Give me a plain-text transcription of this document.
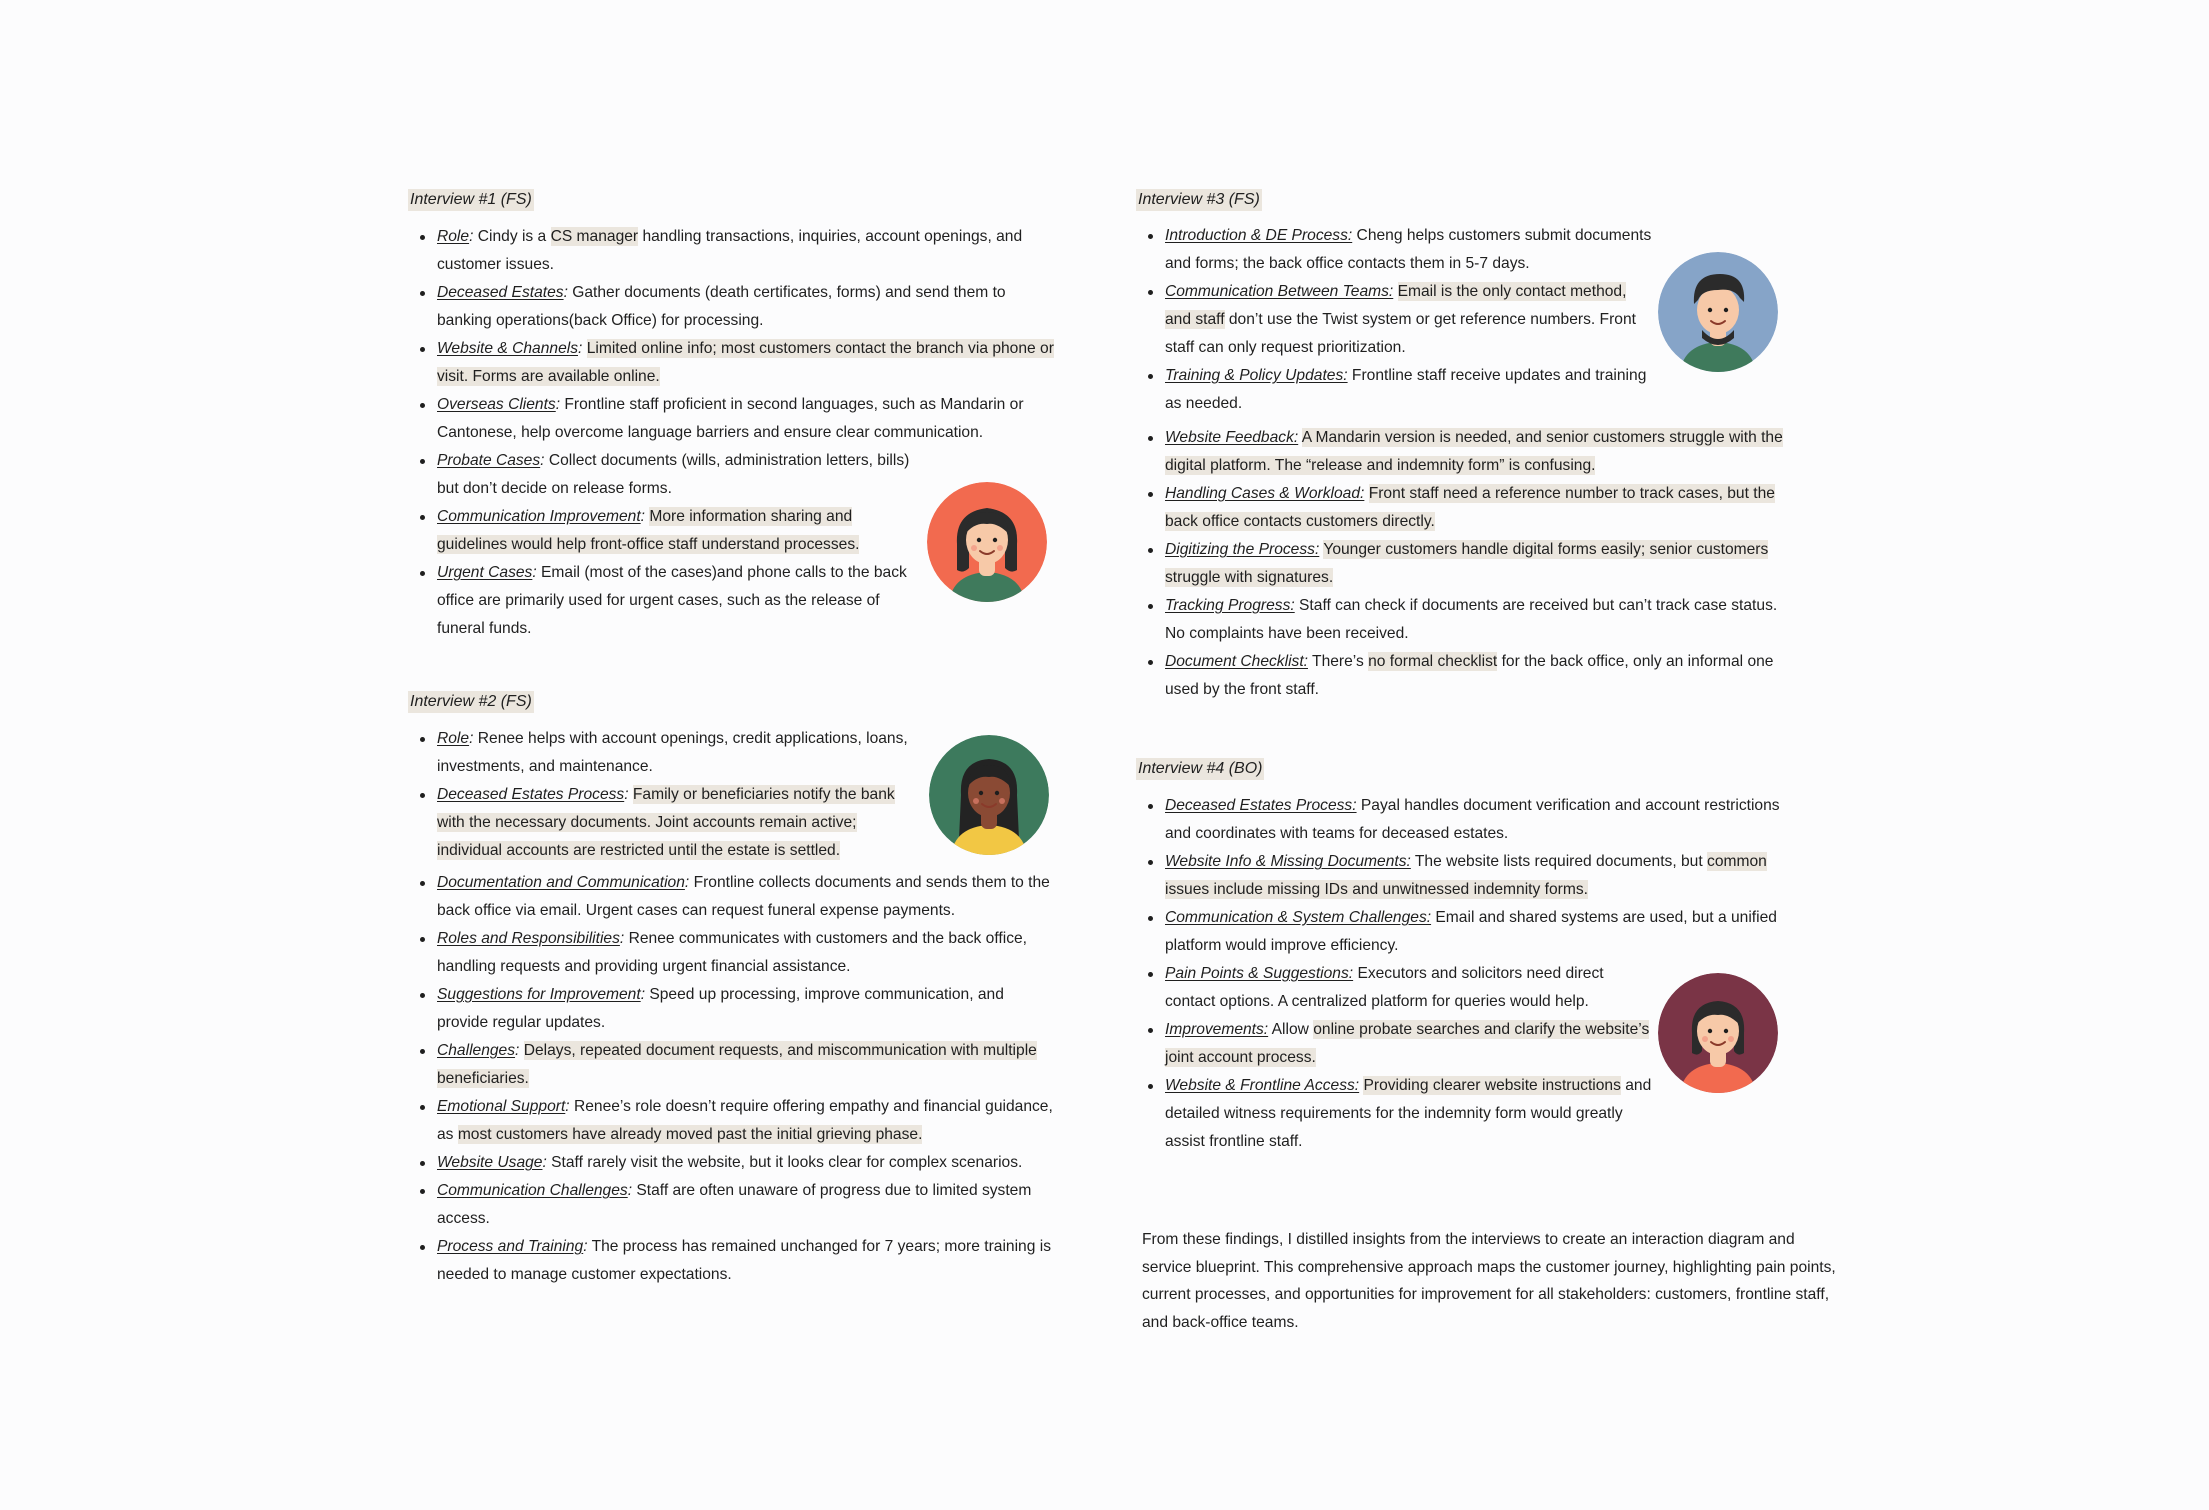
Interview #1 (FS)
Role: Cindy is a CS manager handling transactions, inquiries, account openings, and customer issues.
Deceased Estates: Gather documents (death certificates, forms) and send them to banking operations(back Office) for processing.
Website & Channels: Limited online info; most customers contact the branch via phone or visit. Forms are available online.
Overseas Clients: Frontline staff proficient in second languages, such as Mandarin or Cantonese, help overcome language barriers and ensure clear communication.
Probate Cases: Collect documents (wills, administration letters, bills) but don’t decide on release forms.
Communication Improvement: More information sharing and guidelines would help front-office staff understand processes.
Urgent Cases: Email (most of the cases)and phone calls to the back office are primarily used for urgent cases, such as the release of funeral funds.
Interview #2 (FS)
Role: Renee helps with account openings, credit applications, loans, investments, and maintenance.
Deceased Estates Process: Family or beneficiaries notify the bank with the necessary documents. Joint accounts remain active; individual accounts are restricted until the estate is settled.
Documentation and Communication: Frontline collects documents and sends them to the back office via email. Urgent cases can request funeral expense payments.
Roles and Responsibilities: Renee communicates with customers and the back office, handling requests and providing urgent financial assistance.
Suggestions for Improvement: Speed up processing, improve communication, and provide regular updates.
Challenges: Delays, repeated document requests, and miscommunication with multiple beneficiaries.
Emotional Support: Renee’s role doesn’t require offering empathy and financial guidance, as most customers have already moved past the initial grieving phase.
Website Usage: Staff rarely visit the website, but it looks clear for complex scenarios.
Communication Challenges: Staff are often unaware of progress due to limited system access.
Process and Training: The process has remained unchanged for 7 years; more training is needed to manage customer expectations.
Interview #3 (FS)
Introduction & DE Process: Cheng helps customers submit documents and forms; the back office contacts them in 5-7 days.
Communication Between Teams: Email is the only contact method, and staff don’t use the Twist system or get reference numbers. Front staff can only request prioritization.
Training & Policy Updates: Frontline staff receive updates and training as needed.
Website Feedback: A Mandarin version is needed, and senior customers struggle with the digital platform. The “release and indemnity form” is confusing.
Handling Cases & Workload: Front staff need a reference number to track cases, but the back office contacts customers directly.
Digitizing the Process: Younger customers handle digital forms easily; senior customers struggle with signatures.
Tracking Progress: Staff can check if documents are received but can’t track case status. No complaints have been received.
Document Checklist: There’s no formal checklist for the back office, only an informal one used by the front staff.
Interview #4 (BO)
Deceased Estates Process: Payal handles document verification and account restrictions and coordinates with teams for deceased estates.
Website Info & Missing Documents: The website lists required documents, but common issues include missing IDs and unwitnessed indemnity forms.
Communication & System Challenges: Email and shared systems are used, but a unified platform would improve efficiency.
Pain Points & Suggestions: Executors and solicitors need direct contact options. A centralized platform for queries would help.
Improvements: Allow online probate searches and clarify the website’s joint account process.
Website & Frontline Access: Providing clearer website instructions and detailed witness requirements for the indemnity form would greatly assist frontline staff.

From these findings, I distilled insights from the interviews to create an interaction diagram and service blueprint. This comprehensive approach maps the customer journey, highlighting pain points, current processes, and opportunities for improvement for all stakeholders: customers, frontline staff, and back-office teams.
